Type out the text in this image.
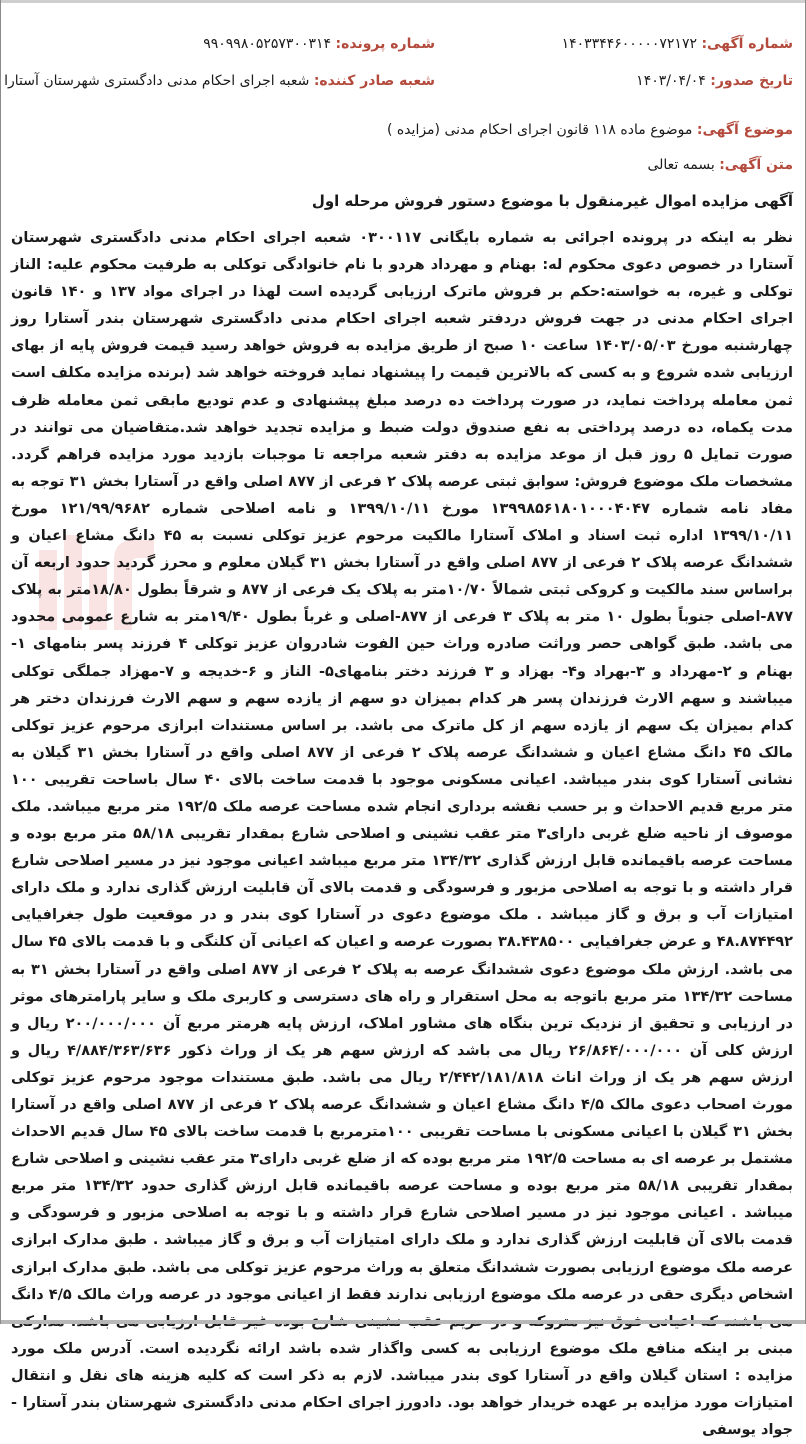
شماره آگهی: ۱۴۰۳۳۴۴۶۰۰۰۰۰۷۲۱۷۲
شماره پرونده: ۹۹۰۹۹۸۰۵۲۵۷۳۰۰۳۱۴
تاریخ صدور: ۱۴۰۳/۰۴/۰۴
شعبه صادر کننده: شعبه اجرای احکام مدنی دادگستری شهرستان آستارا
موضوع آگهی: موضوع ماده ۱۱۸ قانون اجرای احکام مدنی (مزایده )
متن آگهی: بسمه تعالی
آگهی مزایده اموال غیرمنقول با موضوع دستور فروش مرحله اول
نظر به اینکه در پرونده اجرائی به شماره بایگانی ۰۳۰۰۱۱۷ شعبه اجرای احکام مدنی دادگستری شهرستان آستارا در خصوص دعوی محکوم له: بهنام و مهرداد هردو با نام خانوادگی توکلی به طرفیت محکوم علیه: الناز توکلی و غیره، به خواسته:حکم بر فروش ماترک ارزیابی گردیده است لهذا در اجرای مواد ۱۳۷ و ۱۴۰ قانون اجرای احکام مدنی در جهت فروش دردفتر شعبه اجرای احکام مدنی دادگستری شهرستان بندر آستارا روز چهارشنبه مورخ ۱۴۰۳/۰۵/۰۳ ساعت ۱۰ صبح از طریق مزایده به فروش خواهد رسید قیمت فروش پایه از بهای ارزیابی شده شروع و به کسی که بالاترین قیمت را پیشنهاد نماید فروخته خواهد شد (برنده مزایده مکلف است ثمن معامله پرداخت نماید، در صورت پرداخت ده درصد مبلغ پیشنهادی و عدم تودیع مابقی ثمن معامله ظرف مدت یکماه، ده درصد پرداختی به نفع صندوق دولت ضبط و مزایده تجدید خواهد شد.متقاضیان می توانند در صورت تمایل ۵ روز قبل از موعد مزایده به دفتر شعبه مراجعه تا موجبات بازدید مورد مزایده فراهم گردد. مشخصات ملک موضوع فروش: سوابق ثبتی عرصه پلاک ۲ فرعی از ۸۷۷ اصلی واقع در آستارا بخش ۳۱ توجه به مفاد نامه شماره ۱۳۹۹۸۵۶۱۸۰۱۰۰۰۴۰۴۷ مورخ ۱۳۹۹/۱۰/۱۱ و نامه اصلاحی شماره ۱۲۱/۹۹/۹۶۸۲ مورخ ۱۳۹۹/۱۰/۱۱ اداره ثبت اسناد و املاک آستارا مالکیت مرحوم عزیز توکلی نسبت به ۴۵ دانگ مشاع اعیان و ششدانگ عرصه پلاک ۲ فرعی از ۸۷۷ اصلی واقع در آستارا بخش ۳۱ گیلان معلوم و محرز گردید حدود اربعه آن براساس سند مالکیت و کروکی ثبتی شمالاً ۱۰/۷۰متر به پلاک یک فرعی از ۸۷۷ و شرقاً بطول ۱۸/۸۰متر به پلاک ۸۷۷-اصلی جنوباً بطول ۱۰ متر به پلاک ۳ فرعی از ۸۷۷-اصلی و غرباً بطول ۱۹/۴۰متر به شارع عمومی محدود می باشد. طبق گواهی حصر وراثت صادره وراث حین الفوت شادروان عزیز توکلی ۴ فرزند پسر بنامهای ۱-بهنام و ۲-مهرداد و ۳-بهراد و۴- بهزاد و ۳ فرزند دختر بنامهای۵- الناز و ۶-خدیجه و ۷-مهزاد جملگی توکلی میباشند و سهم الارث فرزندان پسر هر کدام بمیزان دو سهم از یازده سهم و سهم الارث فرزندان دختر هر کدام بمیزان یک سهم از یازده سهم از کل ماترک می باشد. بر اساس مستندات ابرازی مرحوم عزیز توکلی مالک ۴۵ دانگ مشاع اعیان و ششدانگ عرصه پلاک ۲ فرعی از ۸۷۷ اصلی واقع در آستارا بخش ۳۱ گیلان به نشانی آستارا کوی بندر میباشد. اعیانی مسکونی موجود با قدمت ساخت بالای ۴۰ سال باساحت تقریبی ۱۰۰ متر مربع قدیم الاحداث و بر حسب نقشه برداری انجام شده مساحت عرصه ملک ۱۹۲/۵ متر مربع میباشد. ملک موصوف از ناحیه ضلع غربی دارای۳ متر عقب نشینی و اصلاحی شارع بمقدار تقریبی ۵۸/۱۸ متر مربع بوده و مساحت عرصه باقیمانده قابل ارزش گذاری ۱۳۴/۳۲ متر مربع میباشد اعیانی موجود نیز در مسیر اصلاحی شارع قرار داشته و با توجه به اصلاحی مزبور و فرسودگی و قدمت بالای آن قابلیت ارزش گذاری ندارد و ملک دارای امتیازات آب و برق و گاز میباشد . ملک موضوع دعوی در آستارا کوی بندر و در موقعیت طول جغرافیایی ۴۸.۸۷۴۴۹۲ و عرض جغرافیایی ۳۸.۴۳۸۵۰۰ بصورت عرصه و اعیان که اعیانی آن کلنگی و با قدمت بالای ۴۵ سال می باشد. ارزش ملک موضوع دعوی ششدانگ عرصه به پلاک ۲ فرعی از ۸۷۷ اصلی واقع در آستارا بخش ۳۱ به مساحت ۱۳۴/۳۲ متر مربع باتوجه به محل استقرار و راه های دسترسی و کاربری ملک و سایر پارامترهای موثر در ارزیابی و تحقیق از نزدیک ترین بنگاه های مشاور املاک، ارزش پایه هرمتر مربع آن ۲۰۰/۰۰۰/۰۰۰ ریال و ارزش کلی آن ۲۶/۸۶۴/۰۰۰/۰۰۰ ریال می باشد که ارزش سهم هر یک از وراث ذکور ۴/۸۸۴/۳۶۳/۶۳۶ ریال و ارزش سهم هر یک از وراث اناث ۲/۴۴۲/۱۸۱/۸۱۸ ریال می باشد. طبق مستندات موجود مرحوم عزیز توکلی مورث اصحاب دعوی مالک ۴/۵ دانگ مشاع اعیان و ششدانگ عرصه پلاک ۲ فرعی از ۸۷۷ اصلی واقع در آستارا بخش ۳۱ گیلان با اعیانی مسکونی با مساحت تقریبی ۱۰۰مترمربع با قدمت ساخت بالای ۴۵ سال قدیم الاحداث مشتمل بر عرصه ای به مساحت ۱۹۲/۵ متر مربع بوده که از ضلع غربی دارای۳ متر عقب نشینی و اصلاحی شارع بمقدار تقریبی ۵۸/۱۸ متر مربع بوده و مساحت عرصه باقیمانده قابل ارزش گذاری حدود ۱۳۴/۳۲ متر مربع میباشد . اعیانی موجود نیز در مسیر اصلاحی شارع قرار داشته و با توجه به اصلاحی مزبور و فرسودگی و قدمت بالای آن قابلیت ارزش گذاری ندارد و ملک دارای امتیازات آب و برق و گاز میباشد . طبق مدارک ابرازی عرصه ملک موضوع ارزیابی بصورت ششدانگ متعلق به وراث مرحوم عزیز توکلی می باشد. طبق مدارک ابرازی اشخاص دیگری حقی در عرصه ملک موضوع ارزیابی ندارند فقط از اعیانی موجود در عرصه وراث مالک ۴/۵ دانگ مبنی بر اینکه منافع ملک موضوع ارزیابی به کسی واگذار شده باشد ارائه نگردیده است. آدرس ملک مورد مزایده : استان گیلان واقع در آستارا کوی بندر میباشد. لازم به ذکر است که کلیه هزینه های نقل و انتقال امتیازات مورد مزایده بر عهده خریدار خواهد بود. دادورز اجرای احکام مدنی دادگستری شهرستان بندر آستارا - جواد یوسفی
